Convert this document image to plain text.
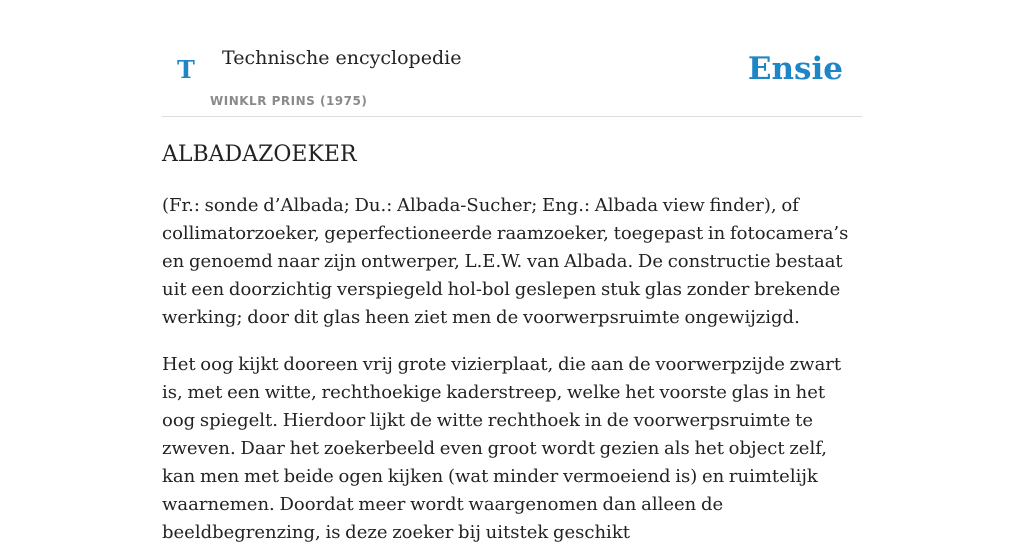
T Technische encyclopedie
WINKLR PRINS (1975)
Ensie
ALBADAZOEKER

(Fr.: sonde d’Albada; Du.: Albada-Sucher; Eng.: Albada view finder), of collimatorzoeker, geperfectioneerde raamzoeker, toegepast in fotocamera’s en genoemd naar zijn ontwerper, L.E.W. van Albada. De constructie bestaat uit een doorzichtig verspiegeld hol-bol geslepen stuk glas zonder brekende werking; door dit glas heen ziet men de voorwerpsruimte ongewijzigd.

Het oog kijkt dooreen vrij grote vizierplaat, die aan de voorwerpzijde zwart is, met een witte, rechthoekige kaderstreep, welke het voorste glas in het oog spiegelt. Hierdoor lijkt de witte rechthoek in de voorwerpsruimte te zweven. Daar het zoekerbeeld even groot wordt gezien als het object zelf, kan men met beide ogen kijken (wat minder vermoeiend is) en ruimtelijk waarnemen. Doordat meer wordt waargenomen dan alleen de beeldbegrenzing, is deze zoeker bij uitstek geschikt
